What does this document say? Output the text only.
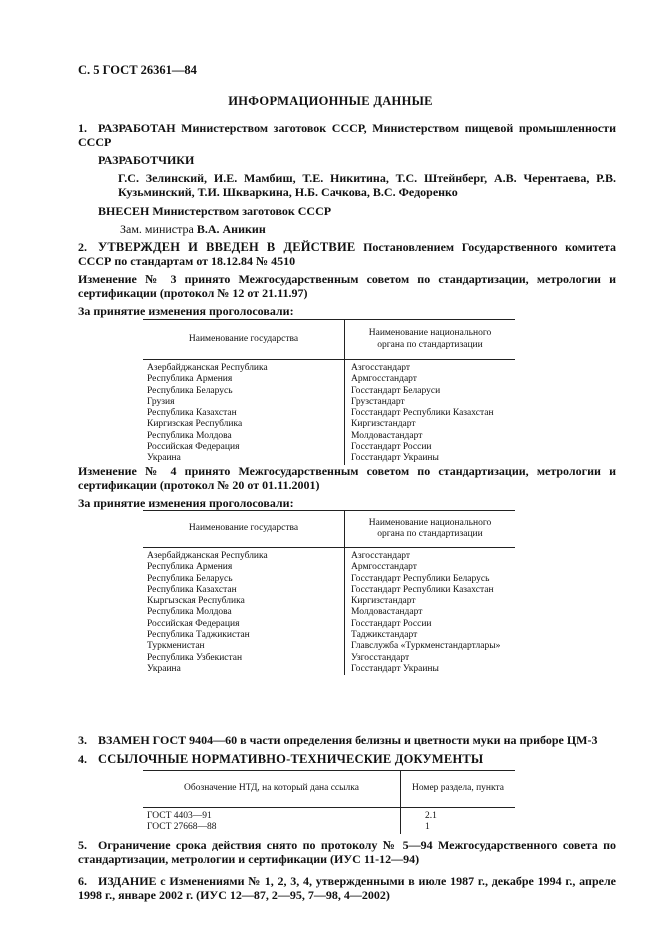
С. 5 ГОСТ 26361—84
ИНФОРМАЦИОННЫЕ ДАННЫЕ
1. РАЗРАБОТАН Министерством заготовок СССР, Министерством пищевой промышленности СССР
РАЗРАБОТЧИКИ
Г.С. Зелинский, И.Е. Мамбиш, Т.Е. Никитина, Т.С. Штейнберг, А.В. Черентаева, Р.В. Кузьминский, Т.И. Шкваркина, Н.Б. Сачкова, В.С. Федоренко
ВНЕСЕН Министерством заготовок СССР
Зам. министра В.А. Аникин
2. УТВЕРЖДЕН И ВВЕДЕН В ДЕЙСТВИЕ Постановлением Государственного комитета СССР по стандартам от 18.12.84 № 4510
Изменение № 3 принято Межгосударственным советом по стандартизации, метрологии и сертификации (протокол № 12 от 21.11.97)
За принятие изменения проголосовали:
Наименование государства	Наименование национального органа по стандартизации
Азербайджанская Республика	Азгосстандарт
Республика Армения	Армгосстандарт
Республика Беларусь	Госстандарт Беларуси
Грузия	Грузстандарт
Республика Казахстан	Госстандарт Республики Казахстан
Киргизская Республика	Киргизстандарт
Республика Молдова	Молдовастандарт
Российская Федерация	Госстандарт России
Украина	Госстандарт Украины
Изменение № 4 принято Межгосударственным советом по стандартизации, метрологии и сертификации (протокол № 20 от 01.11.2001)
За принятие изменения проголосовали:
Наименование государства	Наименование национального органа по стандартизации
Азербайджанская Республика	Азгосстандарт
Республика Армения	Армгосстандарт
Республика Беларусь	Госстандарт Республики Беларусь
Республика Казахстан	Госстандарт Республики Казахстан
Кыргызская Республика	Киргизстандарт
Республика Молдова	Молдовастандарт
Российская Федерация	Госстандарт России
Республика Таджикистан	Таджикстандарт
Туркменистан	Главслужба «Туркменстандартлары»
Республика Узбекистан	Узгосстандарт
Украина	Госстандарт Украины
3. ВЗАМЕН ГОСТ 9404—60 в части определения белизны и цветности муки на приборе ЦМ-3
4. ССЫЛОЧНЫЕ НОРМАТИВНО-ТЕХНИЧЕСКИЕ ДОКУМЕНТЫ
Обозначение НТД, на который дана ссылка	Номер раздела, пункта
ГОСТ 4403—91	2.1
ГОСТ 27668—88	1
5. Ограничение срока действия снято по протоколу № 5—94 Межгосударственного совета по стандартизации, метрологии и сертификации (ИУС 11-12—94)
6. ИЗДАНИЕ с Изменениями № 1, 2, 3, 4, утвержденными в июле 1987 г., декабре 1994 г., апреле 1998 г., январе 2002 г. (ИУС 12—87, 2—95, 7—98, 4—2002)
